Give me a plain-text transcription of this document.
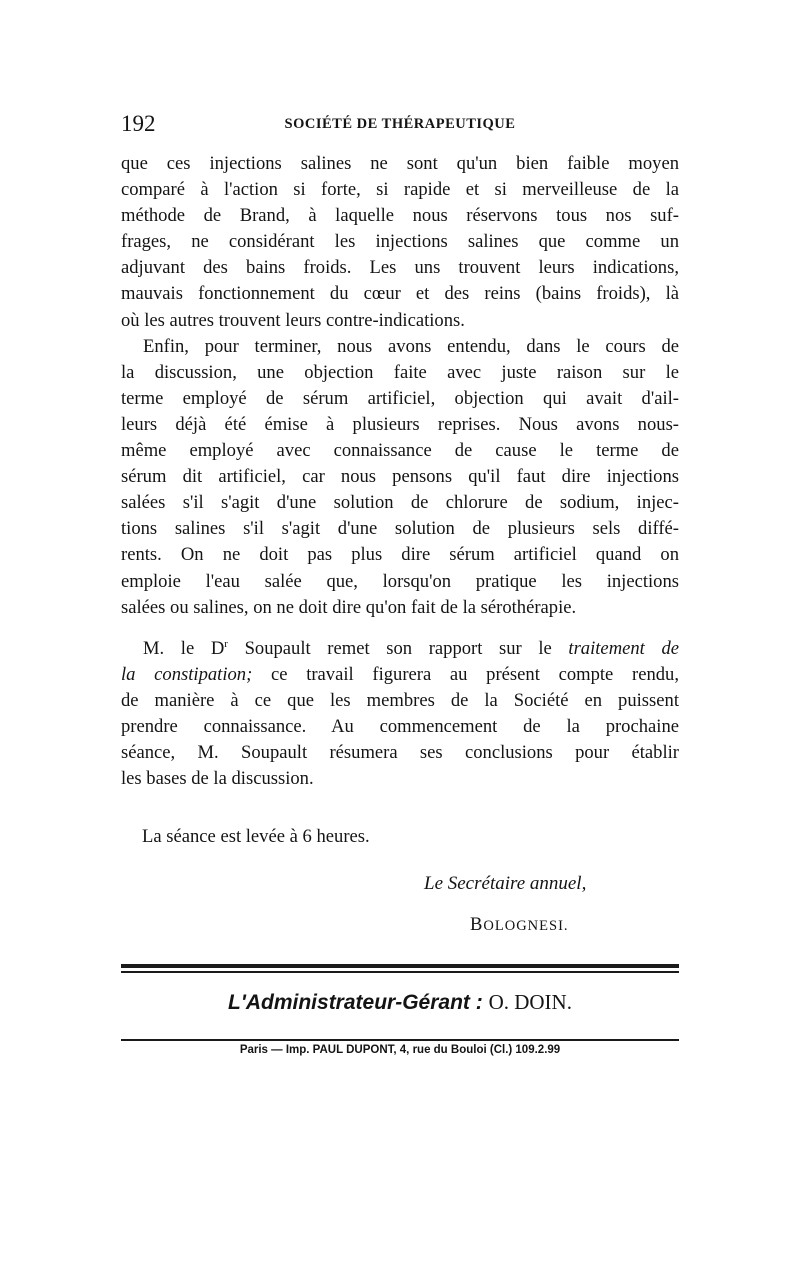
192	SOCIÉTÉ DE THÉRAPEUTIQUE

que ces injections salines ne sont qu'un bien faible moyen

comparé à l'action si forte, si rapide et si merveilleuse de la

méthode de Brand, à laquelle nous réservons tous nos suf-

frages, ne considérant les injections salines que comme un

adjuvant des bains froids. Les uns trouvent leurs indications,

mauvais fonctionnement du cœur et des reins (bains froids), là

où les autres trouvent leurs contre-indications.

Enfin, pour terminer, nous avons entendu, dans le cours de

la discussion, une objection faite avec juste raison sur le

terme employé de sérum artificiel, objection qui avait d'ail-

leurs déjà été émise à plusieurs reprises. Nous avons nous-

même employé avec connaissance de cause le terme de

sérum dit artificiel, car nous pensons qu'il faut dire injections

salées s'il s'agit d'une solution de chlorure de sodium, injec-

tions salines s'il s'agit d'une solution de plusieurs sels diffé-

rents. On ne doit pas plus dire sérum artificiel quand on

emploie l'eau salée que, lorsqu'on pratique les injections

salées ou salines, on ne doit dire qu'on fait de la sérothérapie.

M. le $D^r$ Soupault remet son rapport sur le traitement de

la constipation; ce travail figurera au présent compte rendu,

de manière à ce que les membres de la Société en puissent

prendre connaissance. Au commencement de la prochaine

séance, M. Soupault résumera ses conclusions pour établir

les bases de la discussion.

La séance est levée à 6 heures.
Le Secrétaire annuel,
BOLOGNESI.
L'Administrateur-Gérant : O. DOIN.
Paris — Imp. PAUL DUPONT, 4, rue du Bouloi (Cl.) 109.2.99
